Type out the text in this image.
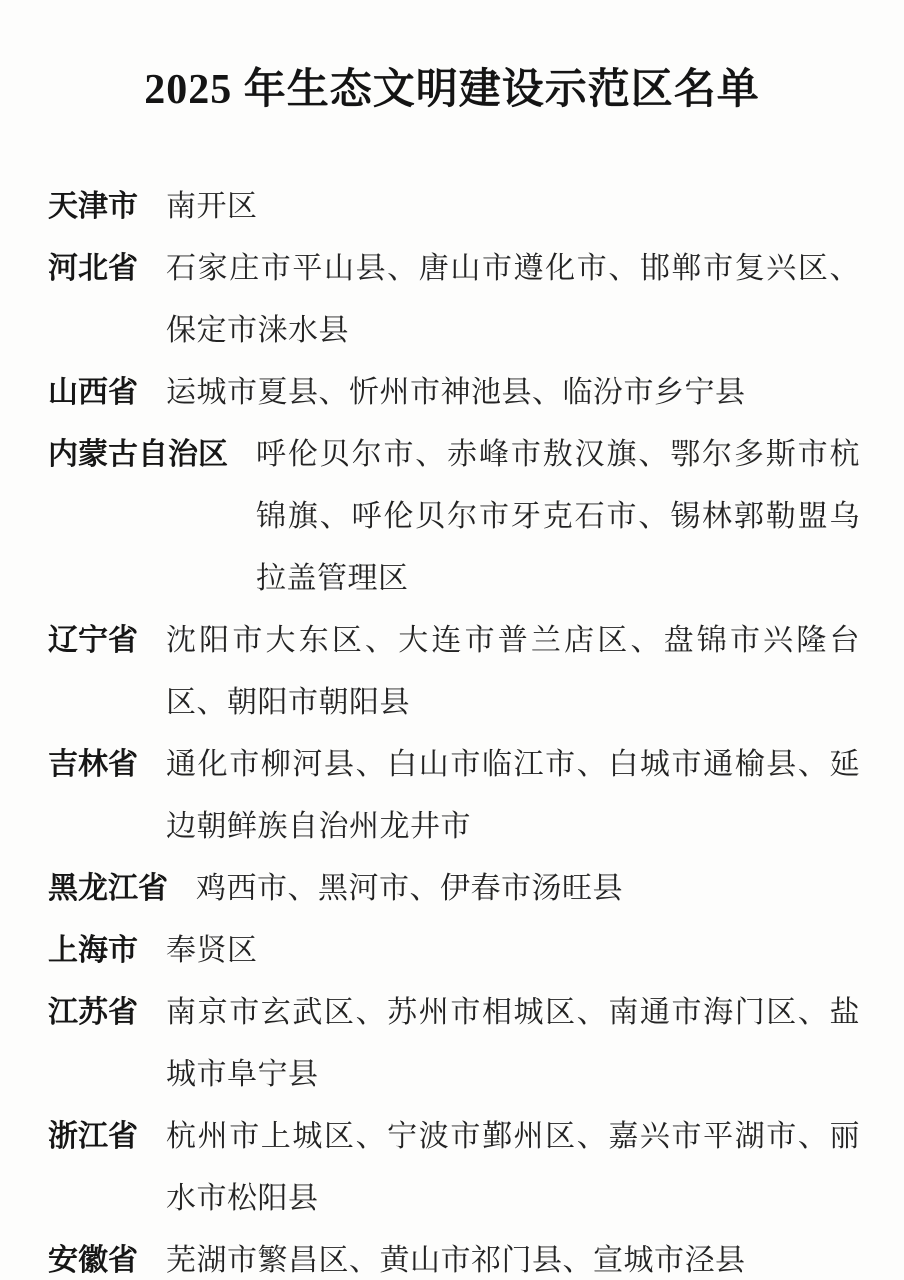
2025 年生态文明建设示范区名单
天津市 南开区
河北省 石家庄市平山县、唐山市遵化市、邯郸市复兴区、保定市涞水县
山西省 运城市夏县、忻州市神池县、临汾市乡宁县
内蒙古自治区 呼伦贝尔市、赤峰市敖汉旗、鄂尔多斯市杭锦旗、呼伦贝尔市牙克石市、锡林郭勒盟乌拉盖管理区
辽宁省 沈阳市大东区、大连市普兰店区、盘锦市兴隆台区、朝阳市朝阳县
吉林省 通化市柳河县、白山市临江市、白城市通榆县、延边朝鲜族自治州龙井市
黑龙江省 鸡西市、黑河市、伊春市汤旺县
上海市 奉贤区
江苏省 南京市玄武区、苏州市相城区、南通市海门区、盐城市阜宁县
浙江省 杭州市上城区、宁波市鄞州区、嘉兴市平湖市、丽水市松阳县
安徽省 芜湖市繁昌区、黄山市祁门县、宣城市泾县
